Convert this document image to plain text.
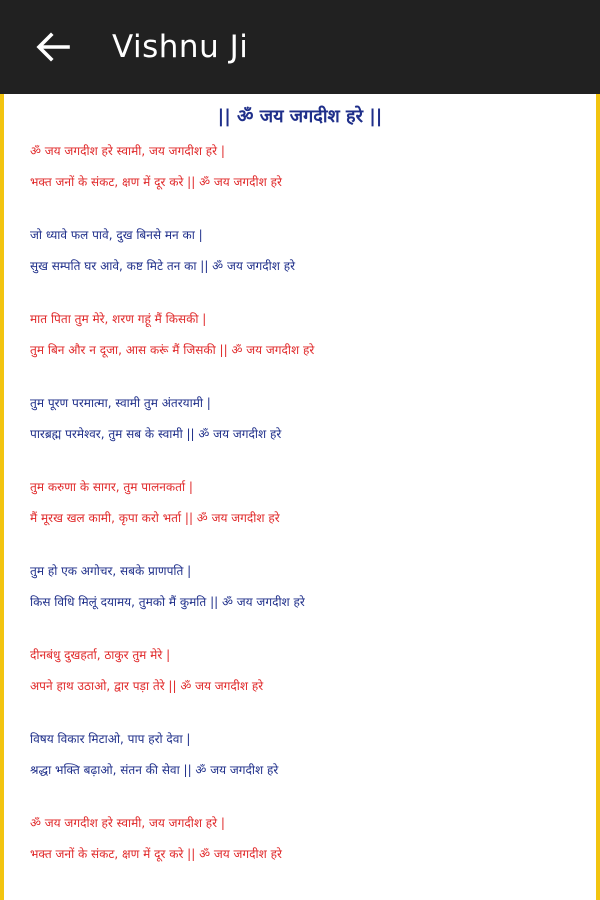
Vishnu Ji
|| ॐ जय जगदीश हरे ||
ॐ जय जगदीश हरे स्वामी, जय जगदीश हरे |
भक्त जनों के संकट, क्षण में दूर करे || ॐ जय जगदीश हरे
जो ध्यावे फल पावे, दुख बिनसे मन का |
सुख सम्पति घर आवे, कष्ट मिटे तन का || ॐ जय जगदीश हरे
मात पिता तुम मेरे, शरण गहूं मैं किसकी |
तुम बिन और न दूजा, आस करूं मैं जिसकी || ॐ जय जगदीश हरे
तुम पूरण परमात्मा, स्वामी तुम अंतरयामी |
पारब्रह्म परमेश्वर, तुम सब के स्वामी || ॐ जय जगदीश हरे
तुम करुणा के सागर, तुम पालनकर्ता |
मैं मूरख खल कामी, कृपा करो भर्ता || ॐ जय जगदीश हरे
तुम हो एक अगोचर, सबके प्राणपति |
किस विधि मिलूं दयामय, तुमको मैं कुमति || ॐ जय जगदीश हरे
दीनबंधु दुखहर्ता, ठाकुर तुम मेरे |
अपने हाथ उठाओ, द्वार पड़ा तेरे || ॐ जय जगदीश हरे
विषय विकार मिटाओ, पाप हरो देवा |
श्रद्धा भक्ति बढ़ाओ, संतन की सेवा || ॐ जय जगदीश हरे
ॐ जय जगदीश हरे स्वामी, जय जगदीश हरे |
भक्त जनों के संकट, क्षण में दूर करे || ॐ जय जगदीश हरे
